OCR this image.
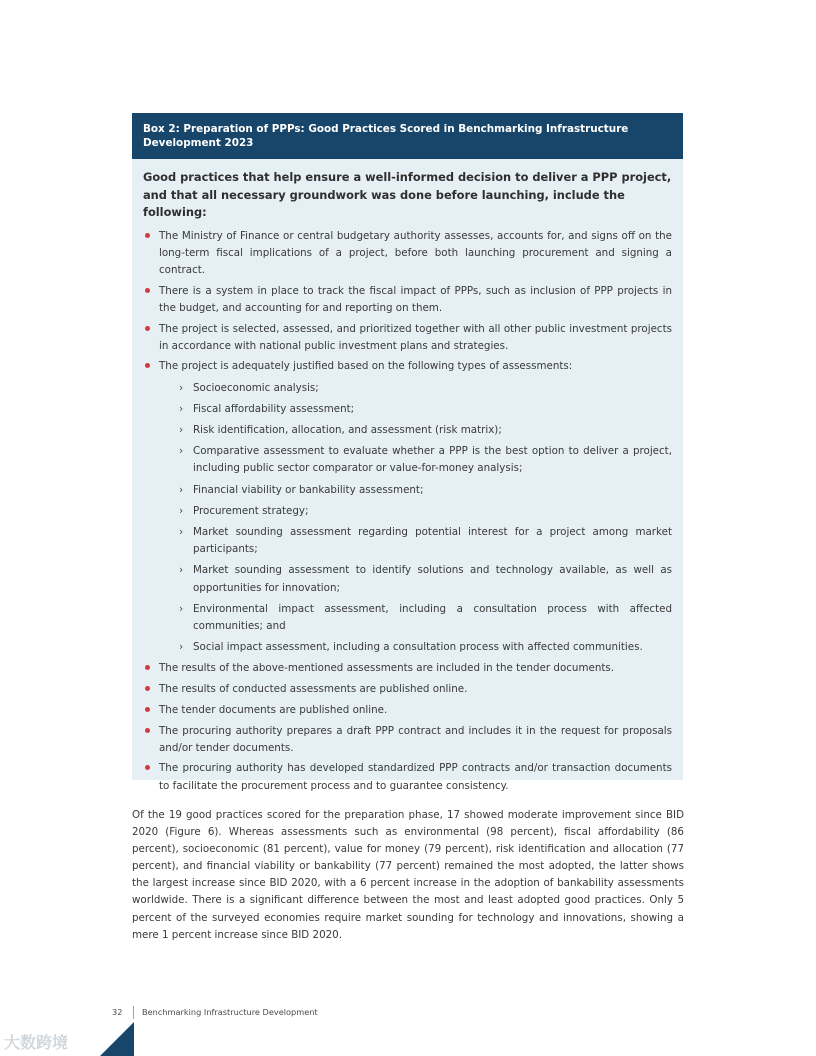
Box 2: Preparation of PPPs: Good Practices Scored in Benchmarking Infrastructure Development 2023

Good practices that help ensure a well-informed decision to deliver a PPP project, and that all necessary groundwork was done before launching, include the following:

The Ministry of Finance or central budgetary authority assesses, accounts for, and signs off on the long-term fiscal implications of a project, before both launching procurement and signing a contract.
There is a system in place to track the fiscal impact of PPPs, such as inclusion of PPP projects in the budget, and accounting for and reporting on them.
The project is selected, assessed, and prioritized together with all other public investment projects in accordance with national public investment plans and strategies.
The project is adequately justified based on the following types of assessments:
› Socioeconomic analysis;
› Fiscal affordability assessment;
› Risk identification, allocation, and assessment (risk matrix);
› Comparative assessment to evaluate whether a PPP is the best option to deliver a project, including public sector comparator or value-for-money analysis;
› Financial viability or bankability assessment;
› Procurement strategy;
› Market sounding assessment regarding potential interest for a project among market participants;
› Market sounding assessment to identify solutions and technology available, as well as opportunities for innovation;
› Environmental impact assessment, including a consultation process with affected communities; and
› Social impact assessment, including a consultation process with affected communities.
The results of the above-mentioned assessments are included in the tender documents.
The results of conducted assessments are published online.
The tender documents are published online.
The procuring authority prepares a draft PPP contract and includes it in the request for proposals and/or tender documents.
The procuring authority has developed standardized PPP contracts and/or transaction documents to facilitate the procurement process and to guarantee consistency.

Of the 19 good practices scored for the preparation phase, 17 showed moderate improvement since BID 2020 (Figure 6). Whereas assessments such as environmental (98 percent), fiscal affordability (86 percent), socioeconomic (81 percent), value for money (79 percent), risk identification and allocation (77 percent), and financial viability or bankability (77 percent) remained the most adopted, the latter shows the largest increase since BID 2020, with a 6 percent increase in the adoption of bankability assessments worldwide. There is a significant difference between the most and least adopted good practices. Only 5 percent of the surveyed economies require market sounding for technology and innovations, showing a mere 1 percent increase since BID 2020.

32	Benchmarking Infrastructure Development
大数跨境
